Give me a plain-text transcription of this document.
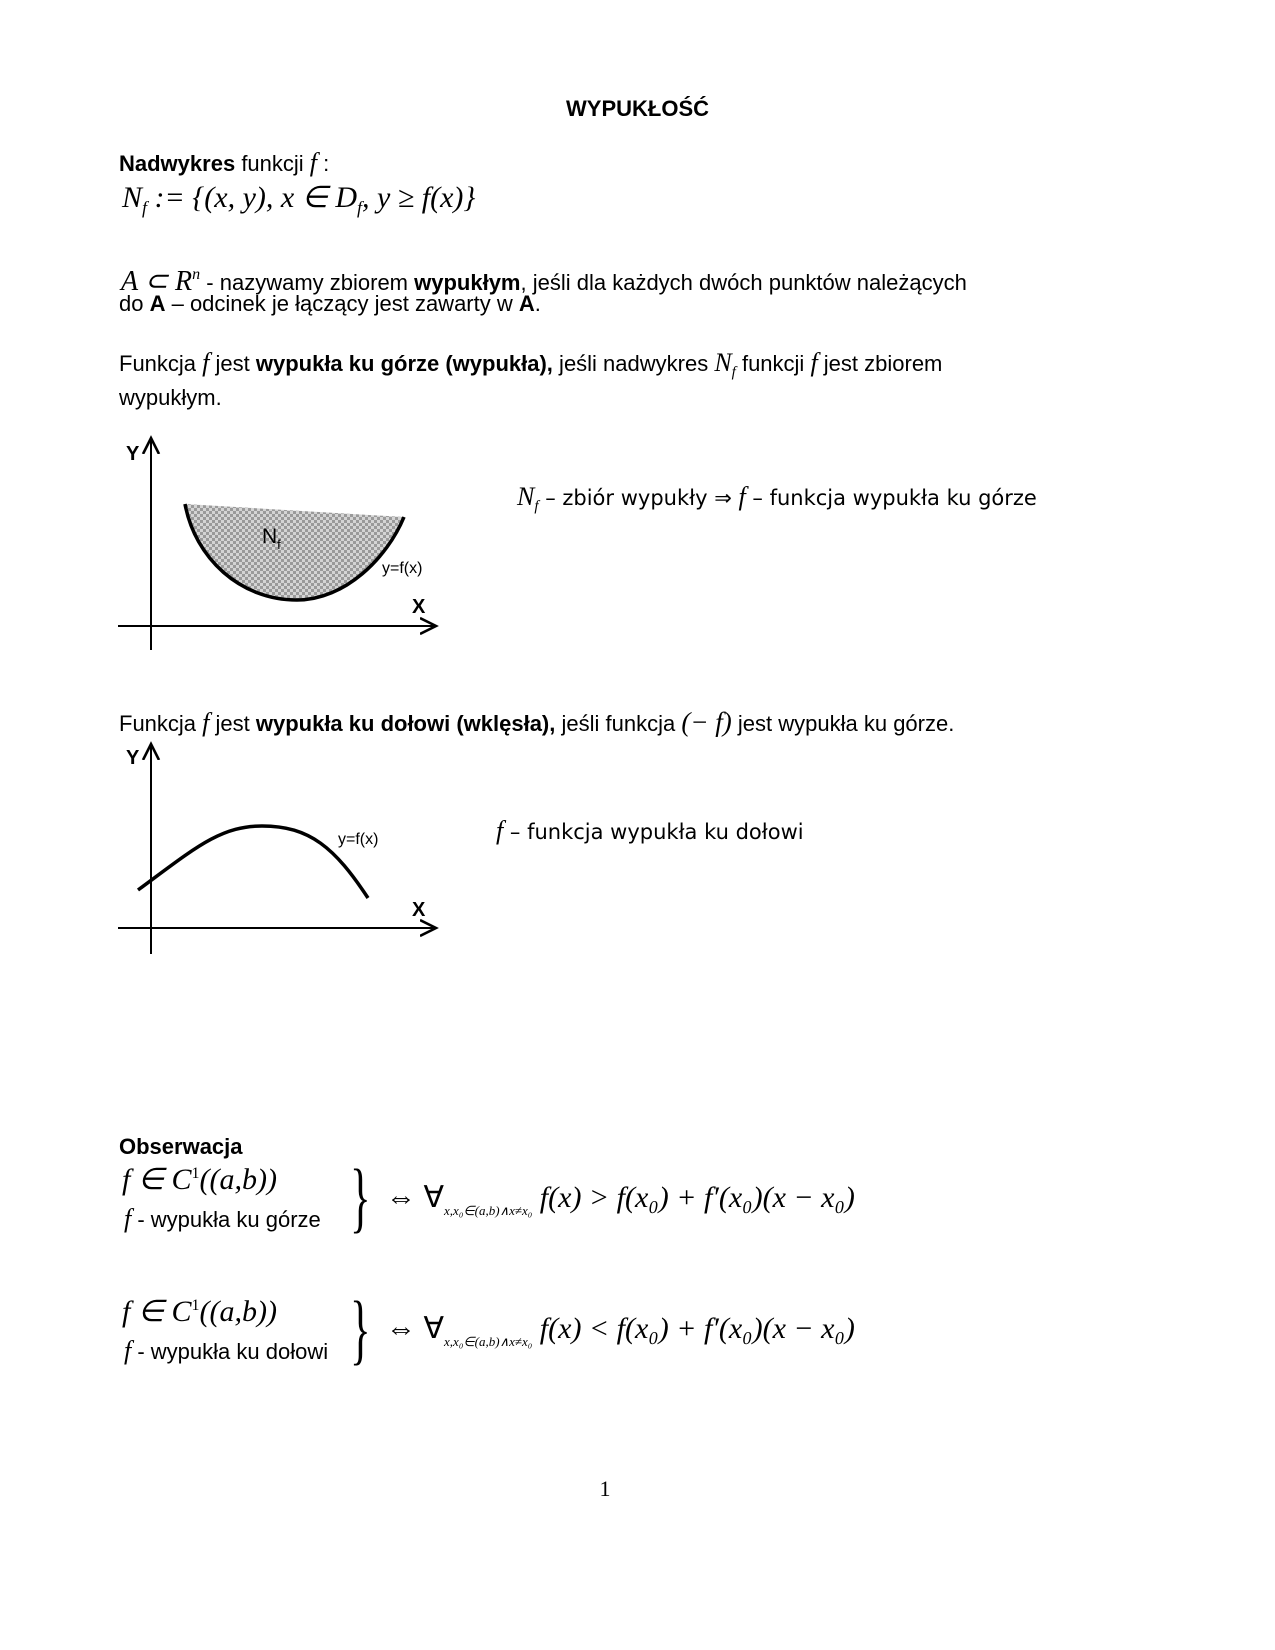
WYPUKŁOŚĆ
Nadwykres funkcji f :
$N_f$ := {(x, y), x ∈ $D_f$, y ≥ f(x)}
A ⊂ $R^n$ - nazywamy zbiorem wypukłym, jeśli dla każdych dwóch punktów należących
do A – odcinek je łączący jest zawarty w A.
Funkcja f jest wypukła ku górze (wypukła), jeśli nadwykres $N_f$ funkcji f jest zbiorem
wypukłym.
Y
X
$N_f$
y=f(x)
$N_f$ – zbiór wypukły ⇒ f – funkcja wypukła ku górze
Funkcja f jest wypukła ku dołowi (wklęsła), jeśli funkcja (− f) jest wypukła ku górze.
Y
X
y=f(x)	f – funkcja wypukła ku dołowi
Obserwacja
f ∈ $C^1((a,b))$
f - wypukła ku górze } ⇔ $\forall_{x,x_0\in(a,b)\wedge x\ne x_0}$ f(x) > f(x₀) + f′(x₀)(x − x₀)
f ∈ $C^1((a,b))$
f - wypukła ku dołowi } ⇔ $\forall_{x,x_0\in(a,b)\wedge x\ne x_0}$ f(x) < f(x₀) + f′(x₀)(x − x₀)
1
